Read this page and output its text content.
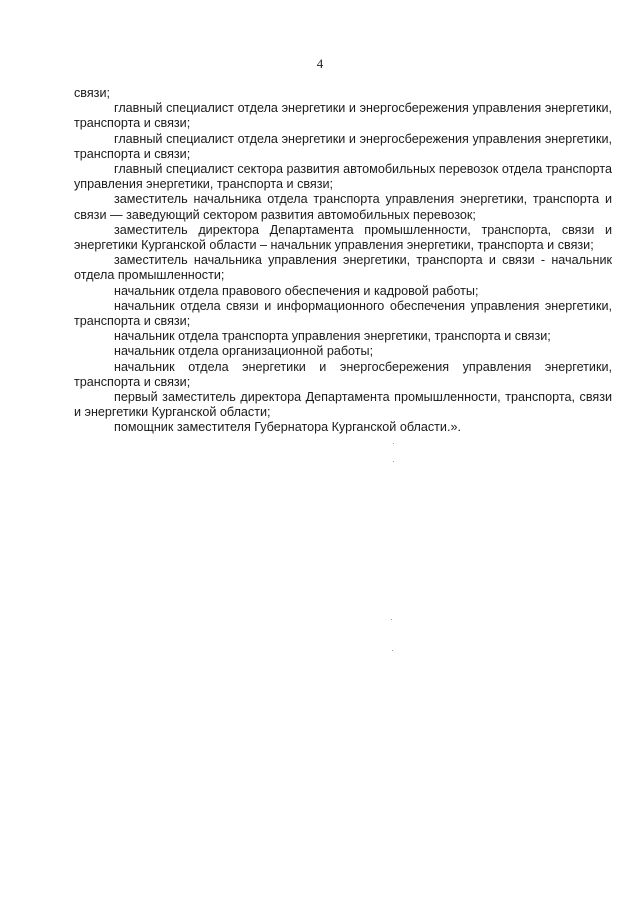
4

связи;

главный специалист отдела энергетики и энергосбережения управления энергетики, транспорта и связи;

главный специалист отдела энергетики и энергосбережения управления энергетики, транспорта и связи;

главный специалист сектора развития автомобильных перевозок отдела транспорта управления энергетики, транспорта и связи;

заместитель начальника отдела транспорта управления энергетики, транспорта и связи — заведующий сектором развития автомобильных перевозок;

заместитель директора Департамента промышленности, транспорта, связи и энергетики Курганской области – начальник управления энергетики, транспорта и связи;

заместитель начальника управления энергетики, транспорта и связи - начальник отдела промышленности;

начальник отдела правового обеспечения и кадровой работы;

начальник отдела связи и информационного обеспечения управления энергетики, транспорта и связи;

начальник отдела транспорта управления энергетики, транспорта и связи;

начальник отдела организационной работы;

начальник отдела энергетики и энергосбережения управления энергетики, транспорта и связи;

первый заместитель директора Департамента промышленности, транспорта, связи и энергетики Курганской области;

помощник заместителя Губернатора Курганской области.».
